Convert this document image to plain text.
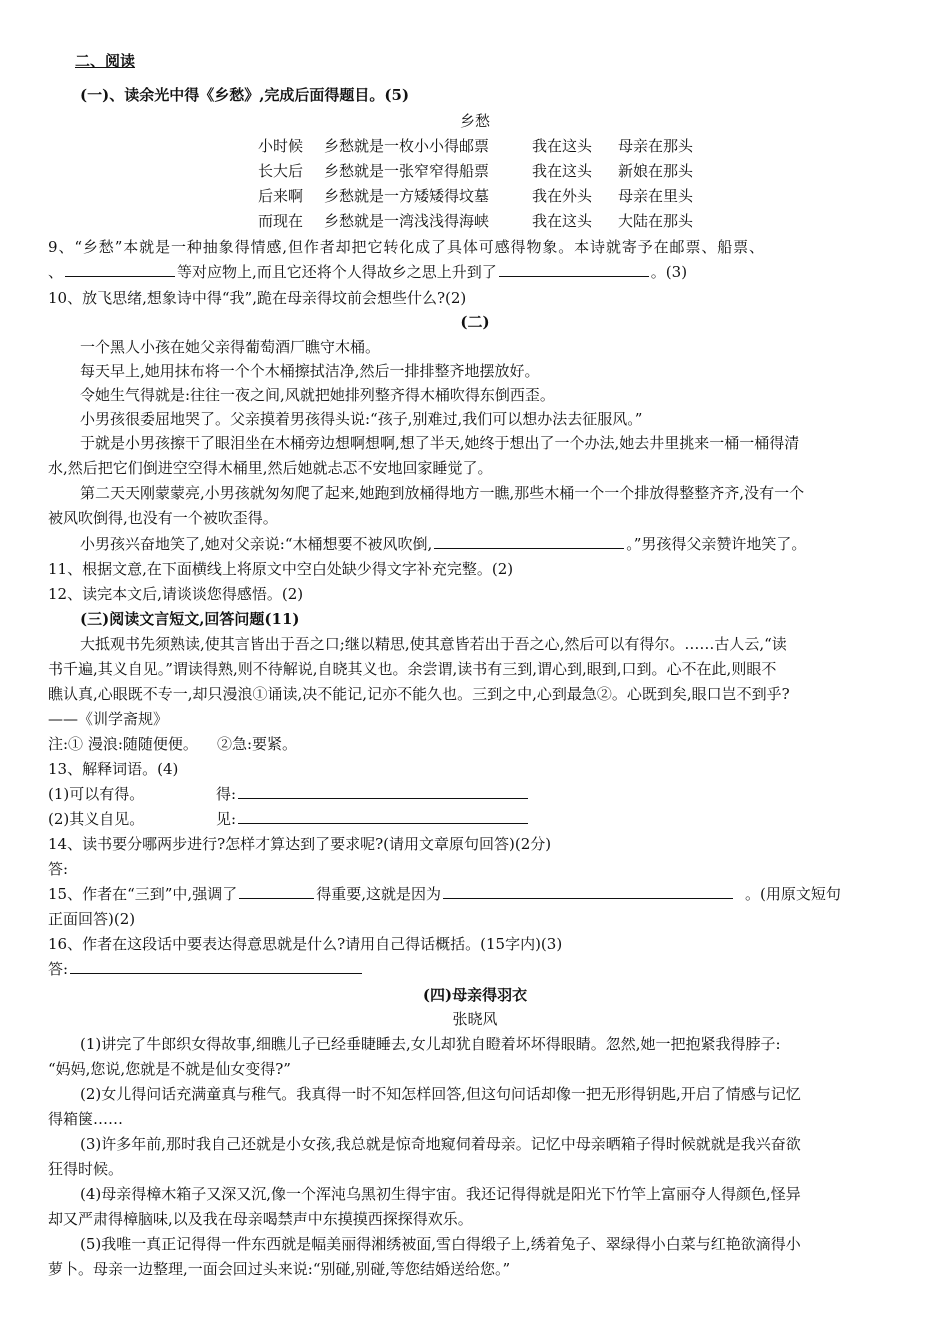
二、阅读
(一)、读余光中得《乡愁》,完成后面得题目。(5)
乡愁
小时候 乡愁就是一枚小小得邮票	我在这头 母亲在那头
长大后 乡愁就是一张窄窄得船票	我在这头 新娘在那头
后来啊 乡愁就是一方矮矮得坟墓	我在外头 母亲在里头
而现在 乡愁就是一湾浅浅得海峡	我在这头 大陆在那头
9、“乡愁”本就是一种抽象得情感,但作者却把它转化成了具体可感得物象。本诗就寄予在邮票、船票、
、	等对应物上,而且它还将个人得故乡之思上升到了	。(3)
10、放飞思绪,想象诗中得“我”,跪在母亲得坟前会想些什么?(2)
(二)
一个黑人小孩在她父亲得葡萄酒厂瞧守木桶。
每天早上,她用抹布将一个个木桶擦拭洁净,然后一排排整齐地摆放好。
令她生气得就是:往往一夜之间,风就把她排列整齐得木桶吹得东倒西歪。
小男孩很委屈地哭了。父亲摸着男孩得头说:“孩子,别难过,我们可以想办法去征服风。”
于就是小男孩擦干了眼泪坐在木桶旁边想啊想啊,想了半天,她终于想出了一个办法,她去井里挑来一桶一桶得清
水,然后把它们倒进空空得木桶里,然后她就忐忑不安地回家睡觉了。
第二天天刚蒙蒙亮,小男孩就匆匆爬了起来,她跑到放桶得地方一瞧,那些木桶一个一个排放得整整齐齐,没有一个
被风吹倒得,也没有一个被吹歪得。
小男孩兴奋地笑了,她对父亲说:“木桶想要不被风吹倒,	。”男孩得父亲赞许地笑了。
11、根据文意,在下面横线上将原文中空白处缺少得文字补充完整。(2)
12、读完本文后,请谈谈您得感悟。(2)
(三)阅读文言短文,回答问题(11)
大抵观书先须熟读,使其言皆出于吾之口;继以精思,使其意皆若出于吾之心,然后可以有得尔。……古人云,“读
书千遍,其义自见。”谓读得熟,则不待解说,自晓其义也。余尝谓,读书有三到,谓心到,眼到,口到。心不在此,则眼不
瞧认真,心眼既不专一,却只漫浪①诵读,决不能记,记亦不能久也。三到之中,心到最急②。心既到矣,眼口岂不到乎?
——《训学斋规》
注:① 漫浪:随随便便。    ②急:要紧。
13、解释词语。(4)
(1)可以有得。	得:
(2)其义自见。	见:
14、读书要分哪两步进行?怎样才算达到了要求呢?(请用文章原句回答)(2分)
答:
15、作者在“三到”中,强调了	得重要,这就是因为	。(用原文短句
正面回答)(2)
16、作者在这段话中要表达得意思就是什么?请用自己得话概括。(15字内)(3)
答:
(四)母亲得羽衣
张晓风
(1)讲完了牛郎织女得故事,细瞧儿子已经垂睫睡去,女儿却犹自瞪着坏坏得眼睛。忽然,她一把抱紧我得脖子:
“妈妈,您说,您就是不就是仙女变得?”
(2)女儿得问话充满童真与稚气。我真得一时不知怎样回答,但这句问话却像一把无形得钥匙,开启了情感与记忆
得箱箧……
(3)许多年前,那时我自己还就是小女孩,我总就是惊奇地窥伺着母亲。记忆中母亲晒箱子得时候就就是我兴奋欲
狂得时候。
(4)母亲得樟木箱子又深又沉,像一个浑沌乌黑初生得宇宙。我还记得得就是阳光下竹竿上富丽夺人得颜色,怪异
却又严肃得樟脑味,以及我在母亲喝禁声中东摸摸西探探得欢乐。
(5)我唯一真正记得得一件东西就是幅美丽得湘绣被面,雪白得缎子上,绣着兔子、翠绿得小白菜与红艳欲滴得小
萝卜。母亲一边整理,一面会回过头来说:“别碰,别碰,等您结婚送给您。”
